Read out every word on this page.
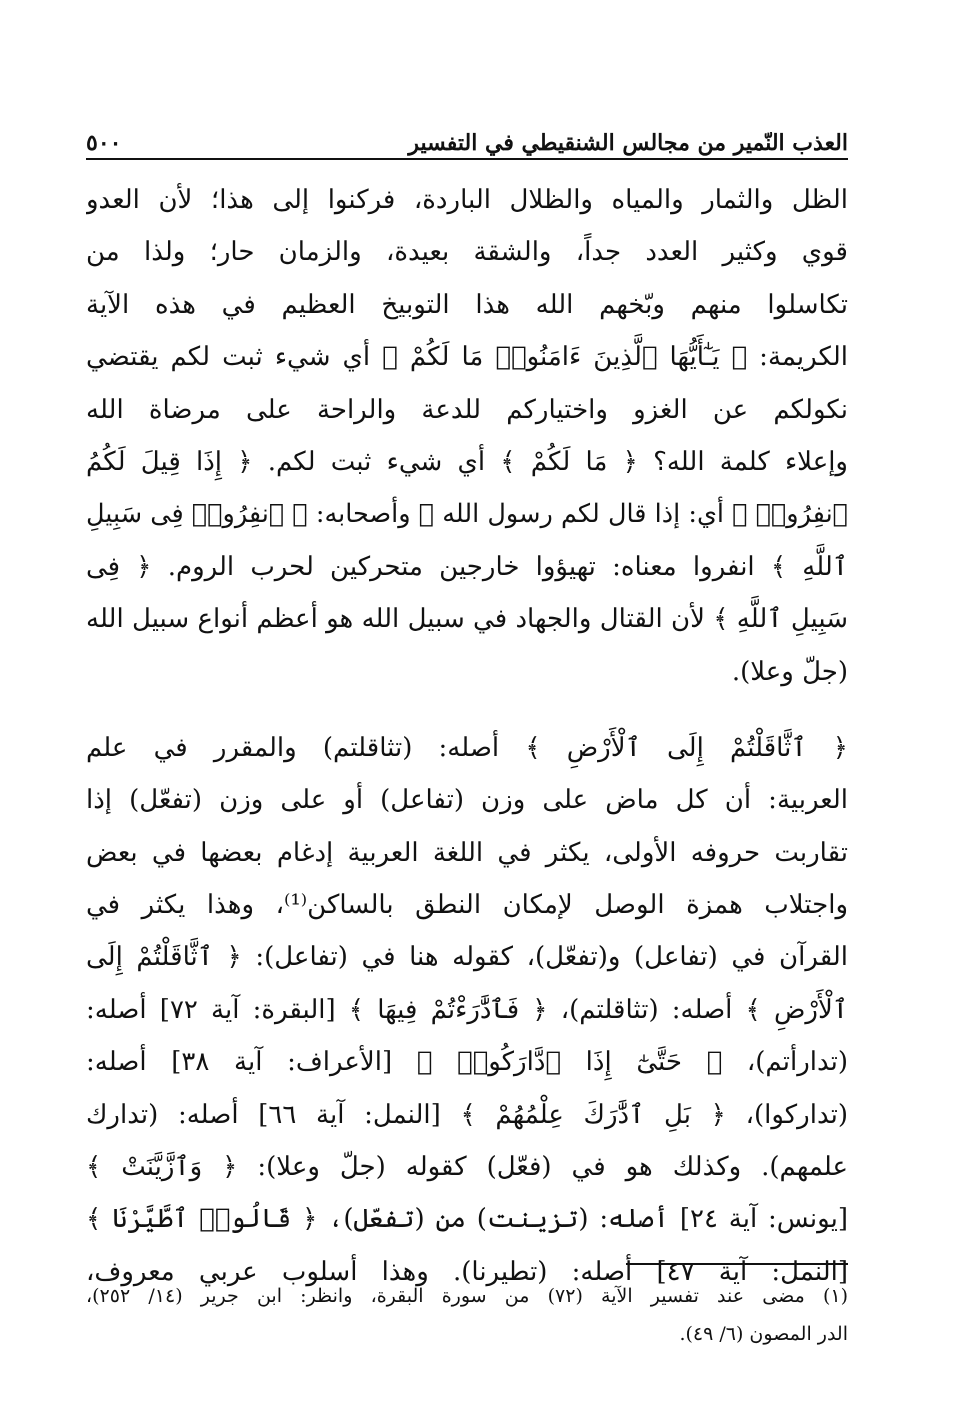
العذب النّمير من مجالس الشنقيطي في التفسير
٥٠٠
الظل والثمار والمياه والظلال الباردة، فركنوا إلى هذا؛ لأن العدو
قوي وكثير العدد جداً، والشقة بعيدة، والزمان حار؛ ولذا من
تكاسلوا منهم وبّخهم الله هذا التوبيخ العظيم في هذه الآية
الكريمة: ﴿ يَـٰٓأَيُّهَا ٱلَّذِينَ ءَامَنُوا۟ مَا لَكُمْ ﴾ أي شيء ثبت لكم يقتضي
نكولكم عن الغزو واختياركم للدعة والراحة على مرضاة الله
وإعلاء كلمة الله؟ ﴿ مَا لَكُمْ ﴾ أي شيء ثبت لكم. ﴿ إِذَا قِيلَ لَكُمُ
ٱنفِرُوا۟ ﴾ أي: إذا قال لكم رسول الله ﷺ وأصحابه: ﴿ ٱنفِرُوا۟ فِى سَبِيلِ
ٱللَّهِ ﴾ انفروا معناه: تهيؤوا خارجين متحركين لحرب الروم. ﴿ فِى
سَبِيلِ ٱللَّهِ ﴾ لأن القتال والجهاد في سبيل الله هو أعظم أنواع سبيل الله
(جلّ وعلا).
﴿ ٱثَّاقَلْتُمْ إِلَى ٱلْأَرْضِ ﴾ أصله: (تثاقلتم) والمقرر في علم
العربية: أن كل ماض على وزن (تفاعل) أو على وزن (تفعّل) إذا
تقاربت حروفه الأولى، يكثر في اللغة العربية إدغام بعضها في بعض
واجتلاب همزة الوصل لإمكان النطق بالساكن⁽¹⁾، وهذا يكثر في
القرآن في (تفاعل) و(تفعّل)، كقوله هنا في (تفاعل): ﴿ ٱثَّاقَلْتُمْ إِلَى
ٱلْأَرْضِ ﴾ أصله: (تثاقلتم)، ﴿ فَٱدَّٰرَءْتُمْ فِيهَا ﴾ [البقرة: آية ٧٢] أصله:
(تدارأتم)، ﴿ حَتَّىٰٓ إِذَا ٱدَّارَكُوا۟ ﴾ [الأعراف: آية ٣٨] أصله:
(تداركوا)، ﴿ بَلِ ٱدَّٰرَكَ عِلْمُهُمْ ﴾ [النمل: آية ٦٦] أصله: (تدارك
علمهم). وكذلك هو في (فعّل) كقوله (جلّ وعلا): ﴿ وَٱزَّيَّنَتْ ﴾
[يونس: آية ٢٤] أصله: (تزينت) من (تفعّل)، ﴿ قَالُوا۟ ٱطَّيَّرْنَا ﴾
[النمل: آية ٤٧] أصله: (تطيرنا). وهذا أسلوب عربي معروف،
(١) مضى عند تفسير الآية (٧٢) من سورة البقرة، وانظر: ابن جرير (١٤/ ٢٥٢)،
الدر المصون (٦/ ٤٩).
